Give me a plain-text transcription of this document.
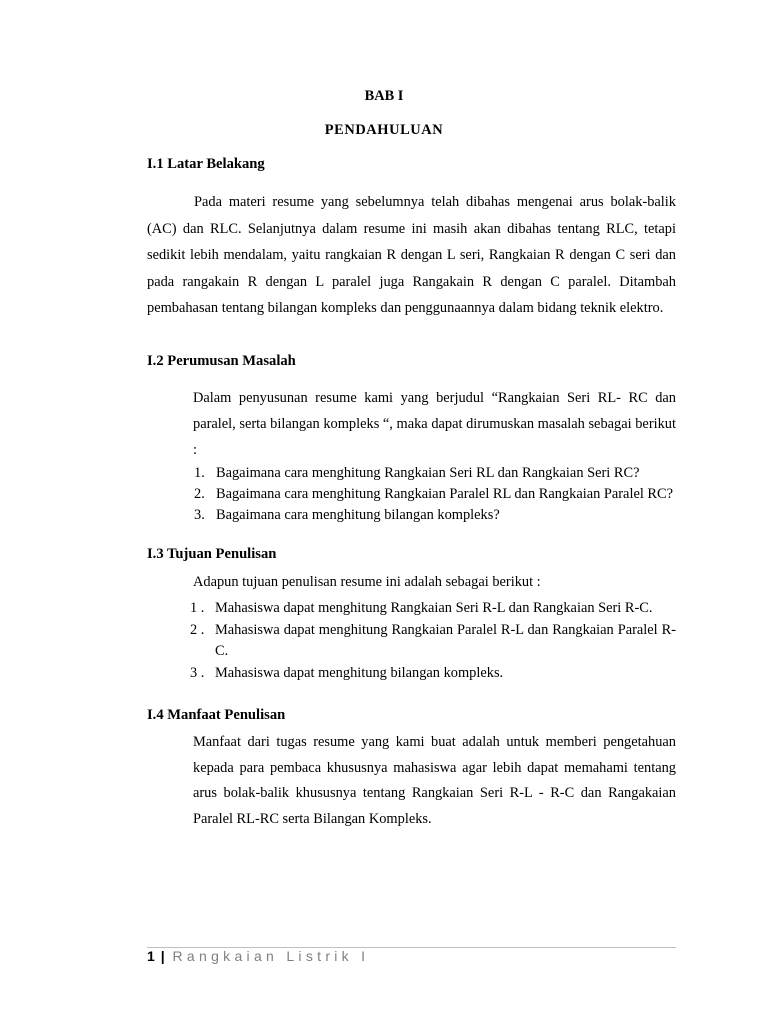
BAB I
PENDAHULUAN
I.1 Latar Belakang
Pada materi resume yang sebelumnya telah dibahas mengenai arus bolak-balik (AC) dan RLC. Selanjutnya dalam resume ini masih akan dibahas tentang RLC, tetapi sedikit lebih mendalam, yaitu rangkaian R dengan L seri, Rangkaian R dengan C seri dan pada rangakain R dengan L paralel juga Rangakain R dengan C paralel. Ditambah pembahasan tentang bilangan kompleks dan penggunaannya dalam bidang teknik elektro.
I.2 Perumusan Masalah
Dalam penyusunan resume kami yang berjudul “Rangkaian Seri RL- RC dan paralel, serta bilangan kompleks “, maka dapat dirumuskan masalah sebagai berikut :
1. Bagaimana cara menghitung Rangkaian Seri RL dan Rangkaian Seri RC?
2. Bagaimana cara menghitung Rangkaian Paralel RL dan Rangkaian Paralel RC?
3. Bagaimana cara menghitung bilangan kompleks?
I.3 Tujuan Penulisan
Adapun tujuan penulisan resume ini adalah sebagai berikut :
1 . Mahasiswa dapat menghitung Rangkaian Seri R-L dan Rangkaian Seri R-C.
2 . Mahasiswa dapat menghitung Rangkaian Paralel R-L dan Rangkaian Paralel R-C.
3 . Mahasiswa dapat menghitung bilangan kompleks.
I.4 Manfaat Penulisan
Manfaat dari tugas resume yang kami buat adalah untuk memberi pengetahuan kepada para pembaca khususnya mahasiswa agar lebih dapat memahami tentang arus bolak-balik khususnya tentang Rangkaian Seri R-L - R-C dan Rangakaian Paralel RL-RC serta Bilangan Kompleks.
1 | Rangkaian Listrik I
